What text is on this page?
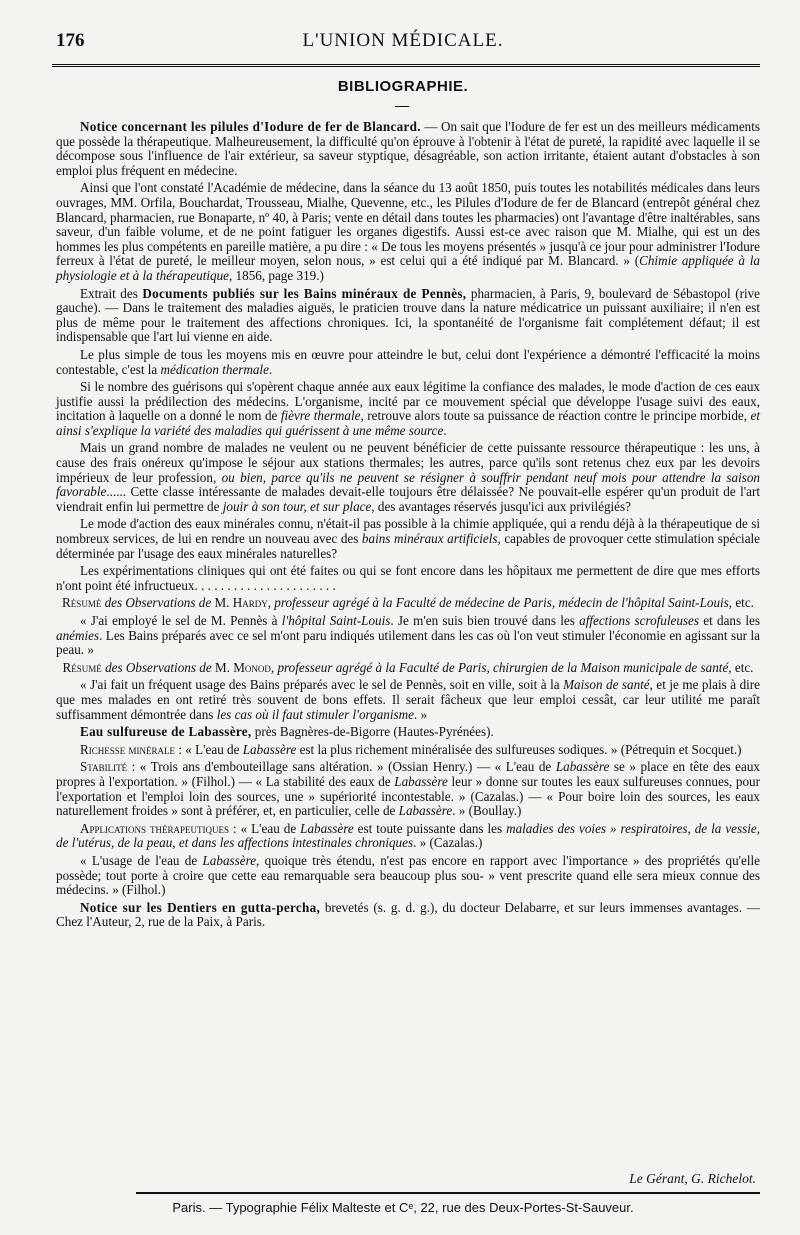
176	L'UNION MÉDICALE.
BIBLIOGRAPHIE.

Notice concernant les pilules d'Iodure de fer de Blancard. — On sait que l'Iodure de fer est un des meilleurs médicaments que possède la thérapeutique. Malheureusement, la difficulté qu'on éprouve à l'obtenir à l'état de pureté, la rapidité avec laquelle il se décompose sous l'influence de l'air extérieur, sa saveur styptique, désagréable, son action irritante, étaient autant d'obstacles à son emploi plus fréquent en médecine.

Ainsi que l'ont constaté l'Académie de médecine, dans la séance du 13 août 1850, puis toutes les notabilités médicales dans leurs ouvrages, MM. Orfila, Bouchardat, Trousseau, Mialhe, Quevenne, etc., les Pilules d'Iodure de fer de Blancard (entrepôt général chez Blancard, pharmacien, rue Bonaparte, nº 40, à Paris; vente en détail dans toutes les pharmacies) ont l'avantage d'être inaltérables, sans saveur, d'un faible volume, et de ne point fatiguer les organes digestifs. Aussi est-ce avec raison que M. Mialhe, qui est un des hommes les plus compétents en pareille matière, a pu dire : « De tous les moyens présentés » jusqu'à ce jour pour administrer l'Iodure ferreux à l'état de pureté, le meilleur moyen, selon nous, » est celui qui a été indiqué par M. Blancard. » (Chimie appliquée à la physiologie et à la thérapeutique, 1856, page 319.)

Extrait des Documents publiés sur les Bains minéraux de Pennès, pharmacien, à Paris, 9, boulevard de Sébastopol (rive gauche). — Dans le traitement des maladies aiguës, le praticien trouve dans la nature médicatrice un puissant auxiliaire; il n'en est plus de même pour le traitement des affections chroniques. Ici, la spontanéité de l'organisme fait complétement défaut; il est indispensable que l'art lui vienne en aide.

Le plus simple de tous les moyens mis en œuvre pour atteindre le but, celui dont l'expérience a démontré l'efficacité la moins contestable, c'est la médication thermale.

Si le nombre des guérisons qui s'opèrent chaque année aux eaux légitime la confiance des malades, le mode d'action de ces eaux justifie aussi la prédilection des médecins. L'organisme, incité par ce mouvement spécial que développe l'usage suivi des eaux, incitation à laquelle on a donné le nom de fièvre thermale, retrouve alors toute sa puissance de réaction contre le principe morbide, et ainsi s'explique la variété des maladies qui guérissent à une même source.

Mais un grand nombre de malades ne veulent ou ne peuvent bénéficier de cette puissante ressource thérapeutique : les uns, à cause des frais onéreux qu'impose le séjour aux stations thermales; les autres, parce qu'ils sont retenus chez eux par les devoirs impérieux de leur profession, ou bien, parce qu'ils ne peuvent se résigner à souffrir pendant neuf mois pour attendre la saison favorable...... Cette classe intéressante de malades devait-elle toujours être délaissée? Ne pouvait-elle espérer qu'un produit de l'art viendrait enfin lui permettre de jouir à son tour, et sur place, des avantages réservés jusqu'ici aux privilégiés?

Le mode d'action des eaux minérales connu, n'était-il pas possible à la chimie appliquée, qui a rendu déjà à la thérapeutique de si nombreux services, de lui en rendre un nouveau avec des bains minéraux artificiels, capables de provoquer cette stimulation spéciale déterminée par l'usage des eaux minérales naturelles?

Les expérimentations cliniques qui ont été faites ou qui se font encore dans les hôpitaux me permettent de dire que mes efforts n'ont point été infructueux. . . . . . . . . . . . . . . . . . . . . .

Résumé des Observations de M. Hardy, professeur agrégé à la Faculté de médecine de Paris, médecin de l'hôpital Saint-Louis, etc.

« J'ai employé le sel de M. Pennès à l'hôpital Saint-Louis. Je m'en suis bien trouvé dans les affections scrofuleuses et dans les anémies. Les Bains préparés avec ce sel m'ont paru indiqués utilement dans les cas où l'on veut stimuler l'économie en agissant sur la peau. »

Résumé des Observations de M. Monod, professeur agrégé à la Faculté de Paris, chirurgien de la Maison municipale de santé, etc.

« J'ai fait un fréquent usage des Bains préparés avec le sel de Pennès, soit en ville, soit à la Maison de santé, et je me plais à dire que mes malades en ont retiré très souvent de bons effets. Il serait fâcheux que leur emploi cessât, car leur utilité me paraît suffisamment démontrée dans les cas où il faut stimuler l'organisme. »

Eau sulfureuse de Labassère, près Bagnères-de-Bigorre (Hautes-Pyrénées).

Richesse minérale : « L'eau de Labassère est la plus richement minéralisée des sulfureuses sodiques. » (Pétrequin et Socquet.)

Stabilité : « Trois ans d'embouteillage sans altération. » (Ossian Henry.) — « L'eau de Labassère se » place en tête des eaux propres à l'exportation. » (Filhol.) — « La stabilité des eaux de Labassère leur » donne sur toutes les eaux sulfureuses connues, pour l'exportation et l'emploi loin des sources, une » supériorité incontestable. » (Cazalas.) — « Pour boire loin des sources, les eaux naturellement froides » sont à préférer, et, en particulier, celle de Labassère. » (Boullay.)

Applications thérapeutiques : « L'eau de Labassère est toute puissante dans les maladies des voies » respiratoires, de la vessie, de l'utérus, de la peau, et dans les affections intestinales chroniques. » (Cazalas.)

« L'usage de l'eau de Labassère, quoique très étendu, n'est pas encore en rapport avec l'importance » des propriétés qu'elle possède; tout porte à croire que cette eau remarquable sera beaucoup plus sou- » vent prescrite quand elle sera mieux connue des médecins. » (Filhol.)

Notice sur les Dentiers en gutta-percha, brevetés (s. g. d. g.), du docteur Delabarre, et sur leurs immenses avantages. — Chez l'Auteur, 2, rue de la Paix, à Paris.

Le Gérant, G. Richelot.
Paris. — Typographie Félix Malteste et Cᵉ, 22, rue des Deux-Portes-St-Sauveur.
